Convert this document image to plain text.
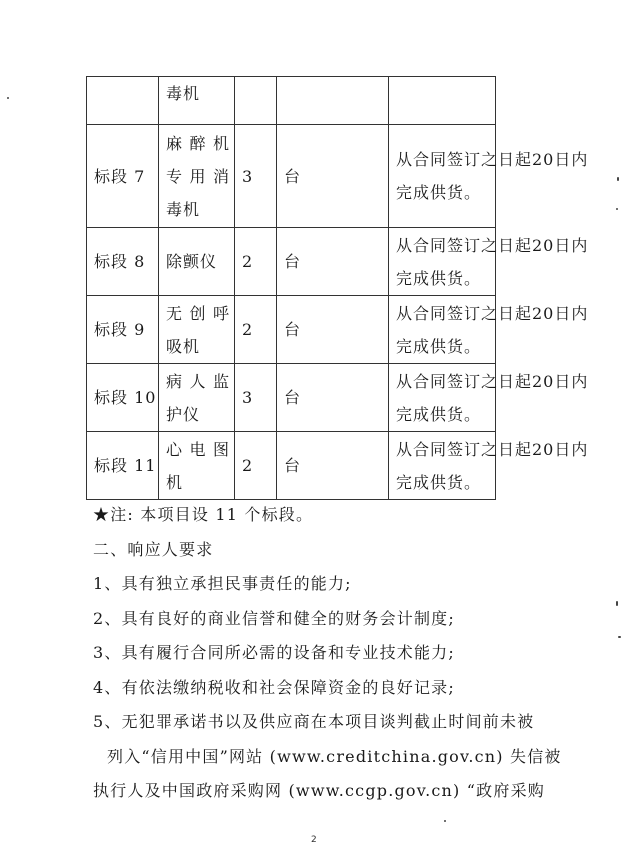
	毒机			

标段 7	麻醉机
专用消
毒机	3	台	从合同签订之日起20日内
完成供货。

标段 8	除颤仪	2	台	从合同签订之日起20日内
完成供货。

标段 9	无创呼
吸机	2	台	从合同签订之日起20日内
完成供货。

标段 10	病人监
护仪	3	台	从合同签订之日起20日内
完成供货。

标段 11	心电图
机	2	台	从合同签订之日起20日内
完成供货。

★注: 本项目设 11 个标段。

二、响应人要求

1、具有独立承担民事责任的能力;

2、具有良好的商业信誉和健全的财务会计制度;

3、具有履行合同所必需的设备和专业技术能力;

4、有依法缴纳税收和社会保障资金的良好记录;

5、无犯罪承诺书以及供应商在本项目谈判截止时间前未被

列入“信用中国”网站 (www.creditchina.gov.cn) 失信被

执行人及中国政府采购网 (www.ccgp.gov.cn) “政府采购

2
